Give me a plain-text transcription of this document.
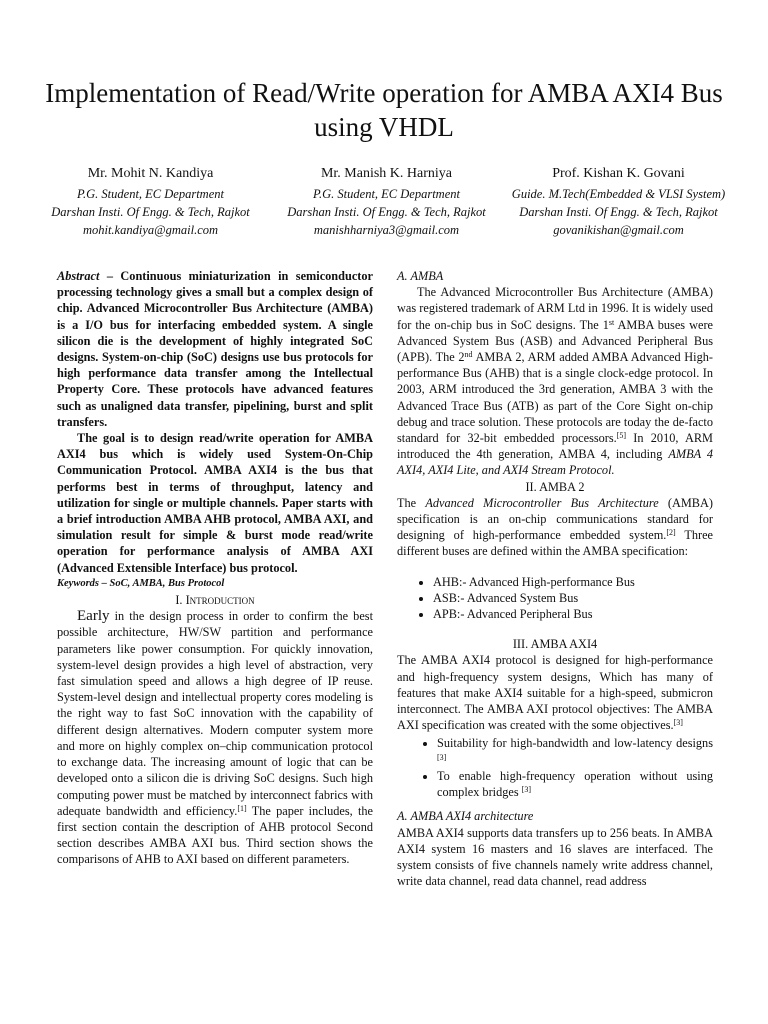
Implementation of Read/Write operation for AMBA AXI4 Bus using VHDL
Mr. Mohit N. Kandiya
P.G. Student, EC Department
Darshan Insti. Of Engg. & Tech, Rajkot
mohit.kandiya@gmail.com
Mr. Manish K. Harniya
P.G. Student, EC Department
Darshan Insti. Of Engg. & Tech, Rajkot
manishharniya3@gmail.com
Prof. Kishan K. Govani
Guide. M.Tech(Embedded & VLSI System)
Darshan Insti. Of Engg. & Tech, Rajkot
govanikishan@gmail.com

Abstract – Continuous miniaturization in semiconductor processing technology gives a small but a complex design of chip. Advanced Microcontroller Bus Architecture (AMBA) is a I/O bus for interfacing embedded system. A single silicon die is the development of highly integrated SoC designs. System-on-chip (SoC) designs use bus protocols for high performance data transfer among the Intellectual Property Core. These protocols have advanced features such as unaligned data transfer, pipelining, burst and split transfers.

The goal is to design read/write operation for AMBA AXI4 bus which is widely used System-On-Chip Communication Protocol. AMBA AXI4 is the bus that performs best in terms of throughput, latency and utilization for single or multiple channels. Paper starts with a brief introduction AMBA AHB protocol, AMBA AXI, and simulation result for simple & burst mode read/write operation for performance analysis of AMBA AXI (Advanced Extensible Interface) bus protocol.

Keywords – SoC, AMBA, Bus Protocol

I. Introduction

Early in the design process in order to confirm the best possible architecture, HW/SW partition and performance parameters like power consumption. For quickly innovation, system-level design provides a high level of abstraction, very fast simulation speed and allows a high degree of IP reuse. System-level design and intellectual property cores modeling is the right way to fast SoC innovation with the capability of different design alternatives. Modern computer system more and more on highly complex on–chip communication protocol to exchange data. The increasing amount of logic that can be developed onto a silicon die is driving SoC designs. Such high computing power must be matched by interconnect fabrics with adequate bandwidth and efficiency.[1] The paper includes, the first section contain the description of AHB protocol Second section describes AMBA AXI bus. Third section shows the comparisons of AHB to AXI based on different parameters.

A. AMBA

The Advanced Microcontroller Bus Architecture (AMBA) was registered trademark of ARM Ltd in 1996. It is widely used for the on-chip bus in SoC designs. The 1st AMBA buses were Advanced System Bus (ASB) and Advanced Peripheral Bus (APB). The 2nd AMBA 2, ARM added AMBA Advanced High-performance Bus (AHB) that is a single clock-edge protocol. In 2003, ARM introduced the 3rd generation, AMBA 3 with the Advanced Trace Bus (ATB) as part of the Core Sight on-chip debug and trace solution. These protocols are today the de-facto standard for 32-bit embedded processors.[5] In 2010, ARM introduced the 4th generation, AMBA 4, including AMBA 4 AXI4, AXI4 Lite, and AXI4 Stream Protocol.

II. AMBA 2

The Advanced Microcontroller Bus Architecture (AMBA) specification is an on-chip communications standard for designing of high-performance embedded system.[2] Three different buses are defined within the AMBA specification:

• AHB:- Advanced High-performance Bus
• ASB:- Advanced System Bus
• APB:- Advanced Peripheral Bus

III. AMBA AXI4

The AMBA AXI4 protocol is designed for high-performance and high-frequency system designs, Which has many of features that make AXI4 suitable for a high-speed, submicron interconnect. The AMBA AXI protocol objectives: The AMBA AXI specification was created with the some objectives.[3]

• Suitability for high-bandwidth and low-latency designs [3]
• To enable high-frequency operation without using complex bridges [3]

A. AMBA AXI4 architecture

AMBA AXI4 supports data transfers up to 256 beats. In AMBA AXI4 system 16 masters and 16 slaves are interfaced. The system consists of five channels namely write address channel, write data channel, read data channel, read address
